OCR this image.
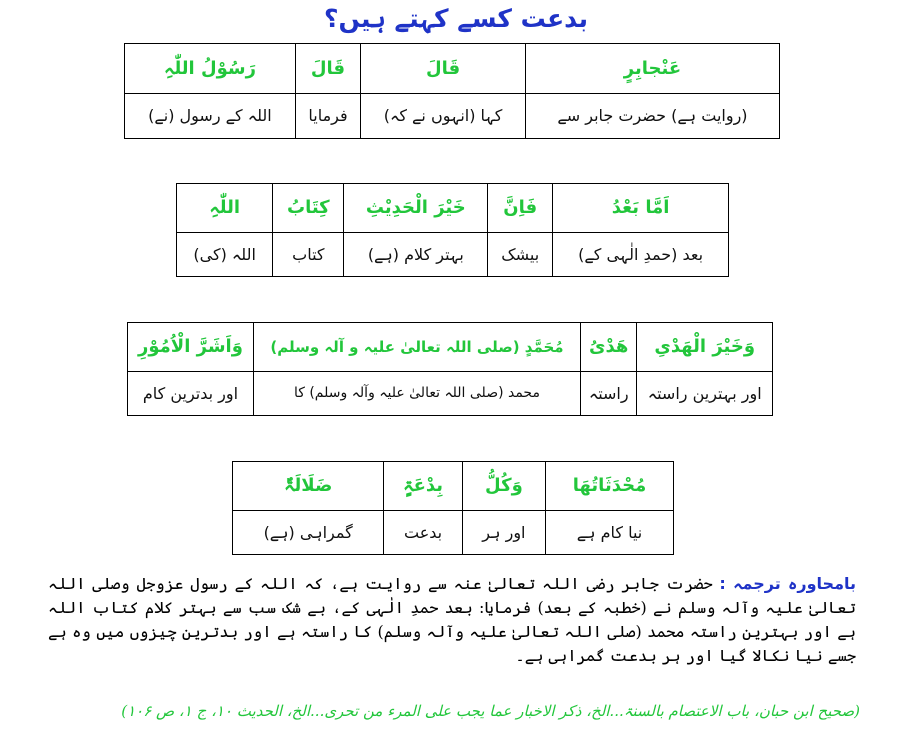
بدعت کسے کہتے ہیں؟
عَنْجابِرٍ	قَالَ	قَالَ	رَسُوْلُ اللّٰہِ
(روایت ہے) حضرت جابر سے	کہا (انہوں نے کہ)	فرمایا	اللہ کے رسول (نے)
اَمَّا بَعْدُ	فَاِنَّ	خَیْرَ الْحَدِیْثِ	کِتَابُ	اللّٰہِ
بعد (حمدِ الٰہی کے)	بیشک	بہتر کلام (ہے)	کتاب	اللہ (کی)
وَخَیْرَ الْھَدْیِ	ھَدْیُ	مُحَمَّدٍ (صلی اللہ تعالیٰ علیہ و آلہ وسلم)	وَاَشَرَّ الْاُمُوْرِ
اور بہترین راستہ	راستہ	محمد (صلی اللہ تعالیٰ علیہ وآلہ وسلم) کا	اور بدترین کام
مُحْدَثَاتُھَا	وَکُلُّ	بِدْعَۃٍ	ضَلَالَۃٌ
نیا کام ہے	اور ہر	بدعت	گمراہی (ہے)
بامحاورہ ترجمہ : حضرت جابر رضی اللہ تعالیٰ عنہ سے روایت ہے، کہ اللہ کے رسول عزوجل وصلی اللہ تعالیٰ علیہ وآلہ وسلم نے (خطبہ کے بعد) فرمایا: بعد حمدِ الٰہی کے، بے شک سب سے بہتر کلام کتاب اللہ ہے اور بہترین راستہ محمد (صلی اللہ تعالیٰ علیہ وآلہ وسلم) کا راستہ ہے اور بدترین چیزوں میں وہ ہے جسے نیا نکالا گیا اور ہر بدعت گمراہی ہے۔
(صحیح ابن حبان، باب الاعتصام بالسنۃ...الخ، ذکر الاخبار عما یجب علی المرء من تحری...الخ، الحدیث ۱۰، ج ۱، ص ۱۰۶)
